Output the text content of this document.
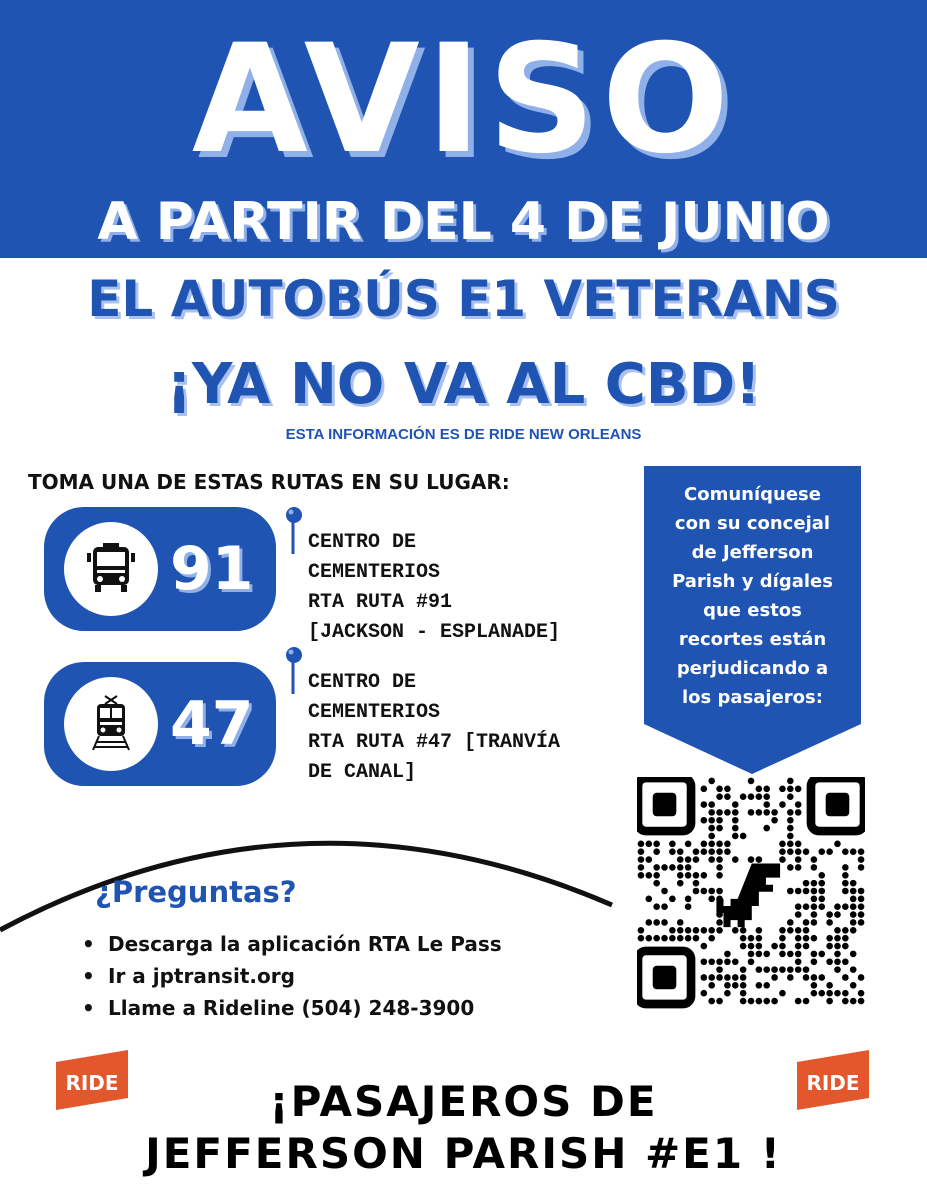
AVISO
A PARTIR DEL 4 DE JUNIO
EL AUTOBÚS E1 VETERANS
¡YA NO VA AL CBD!
ESTA INFORMACIÓN ES DE RIDE NEW ORLEANS
TOMA UNA DE ESTAS RUTAS EN SU LUGAR:
91	CENTRO DE
CEMENTERIOS
RTA RUTA #91
[JACKSON - ESPLANADE]
47
CENTRO DE
CEMENTERIOS
RTA RUTA #47 [TRANVÍA
DE CANAL]
Comuníquese
con su concejal
de Jefferson
Parish y dígales
que estos
recortes están
perjudicando a
los pasajeros:
¿Preguntas?
• Descarga la aplicación RTA Le Pass
• Ir a jptransit.org
• Llame a Rideline (504) 248-3900
RIDE	RIDE
¡PASAJEROS DE
JEFFERSON PARISH #E1 !
